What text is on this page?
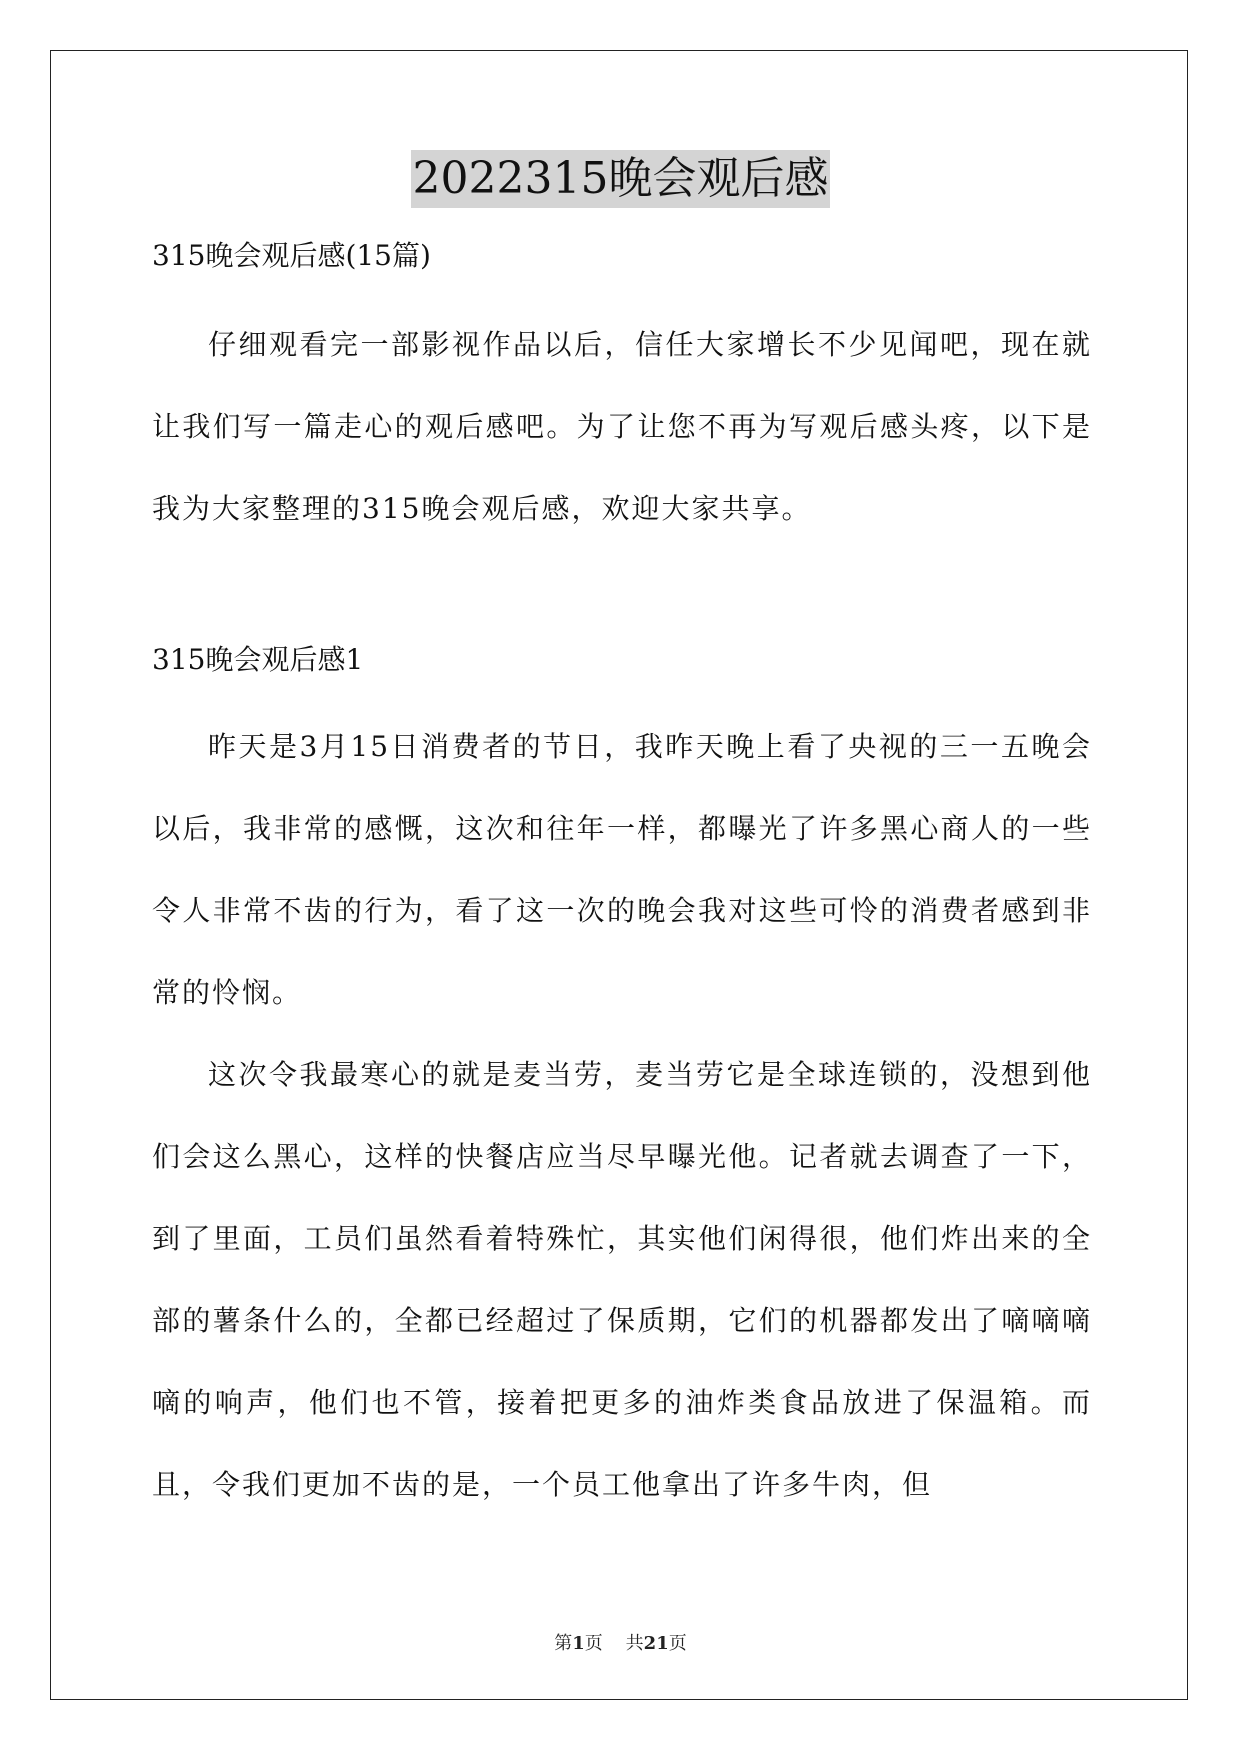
2022315晚会观后感

315晚会观后感(15篇)

仔细观看完一部影视作品以后，信任大家增长不少见闻吧，现在就让我们写一篇走心的观后感吧。为了让您不再为写观后感头疼，以下是我为大家整理的315晚会观后感，欢迎大家共享。

315晚会观后感1

昨天是3月15日消费者的节日，我昨天晚上看了央视的三一五晚会以后，我非常的感慨，这次和往年一样，都曝光了许多黑心商人的一些令人非常不齿的行为，看了这一次的晚会我对这些可怜的消费者感到非常的怜悯。

这次令我最寒心的就是麦当劳，麦当劳它是全球连锁的，没想到他们会这么黑心，这样的快餐店应当尽早曝光他。记者就去调查了一下，到了里面，工员们虽然看着特殊忙，其实他们闲得很，他们炸出来的全部的薯条什么的，全都已经超过了保质期，它们的机器都发出了嘀嘀嘀嘀的响声，他们也不管，接着把更多的油炸类食品放进了保温箱。而且，令我们更加不齿的是，一个员工他拿出了许多牛肉，但

第1页 共21页
